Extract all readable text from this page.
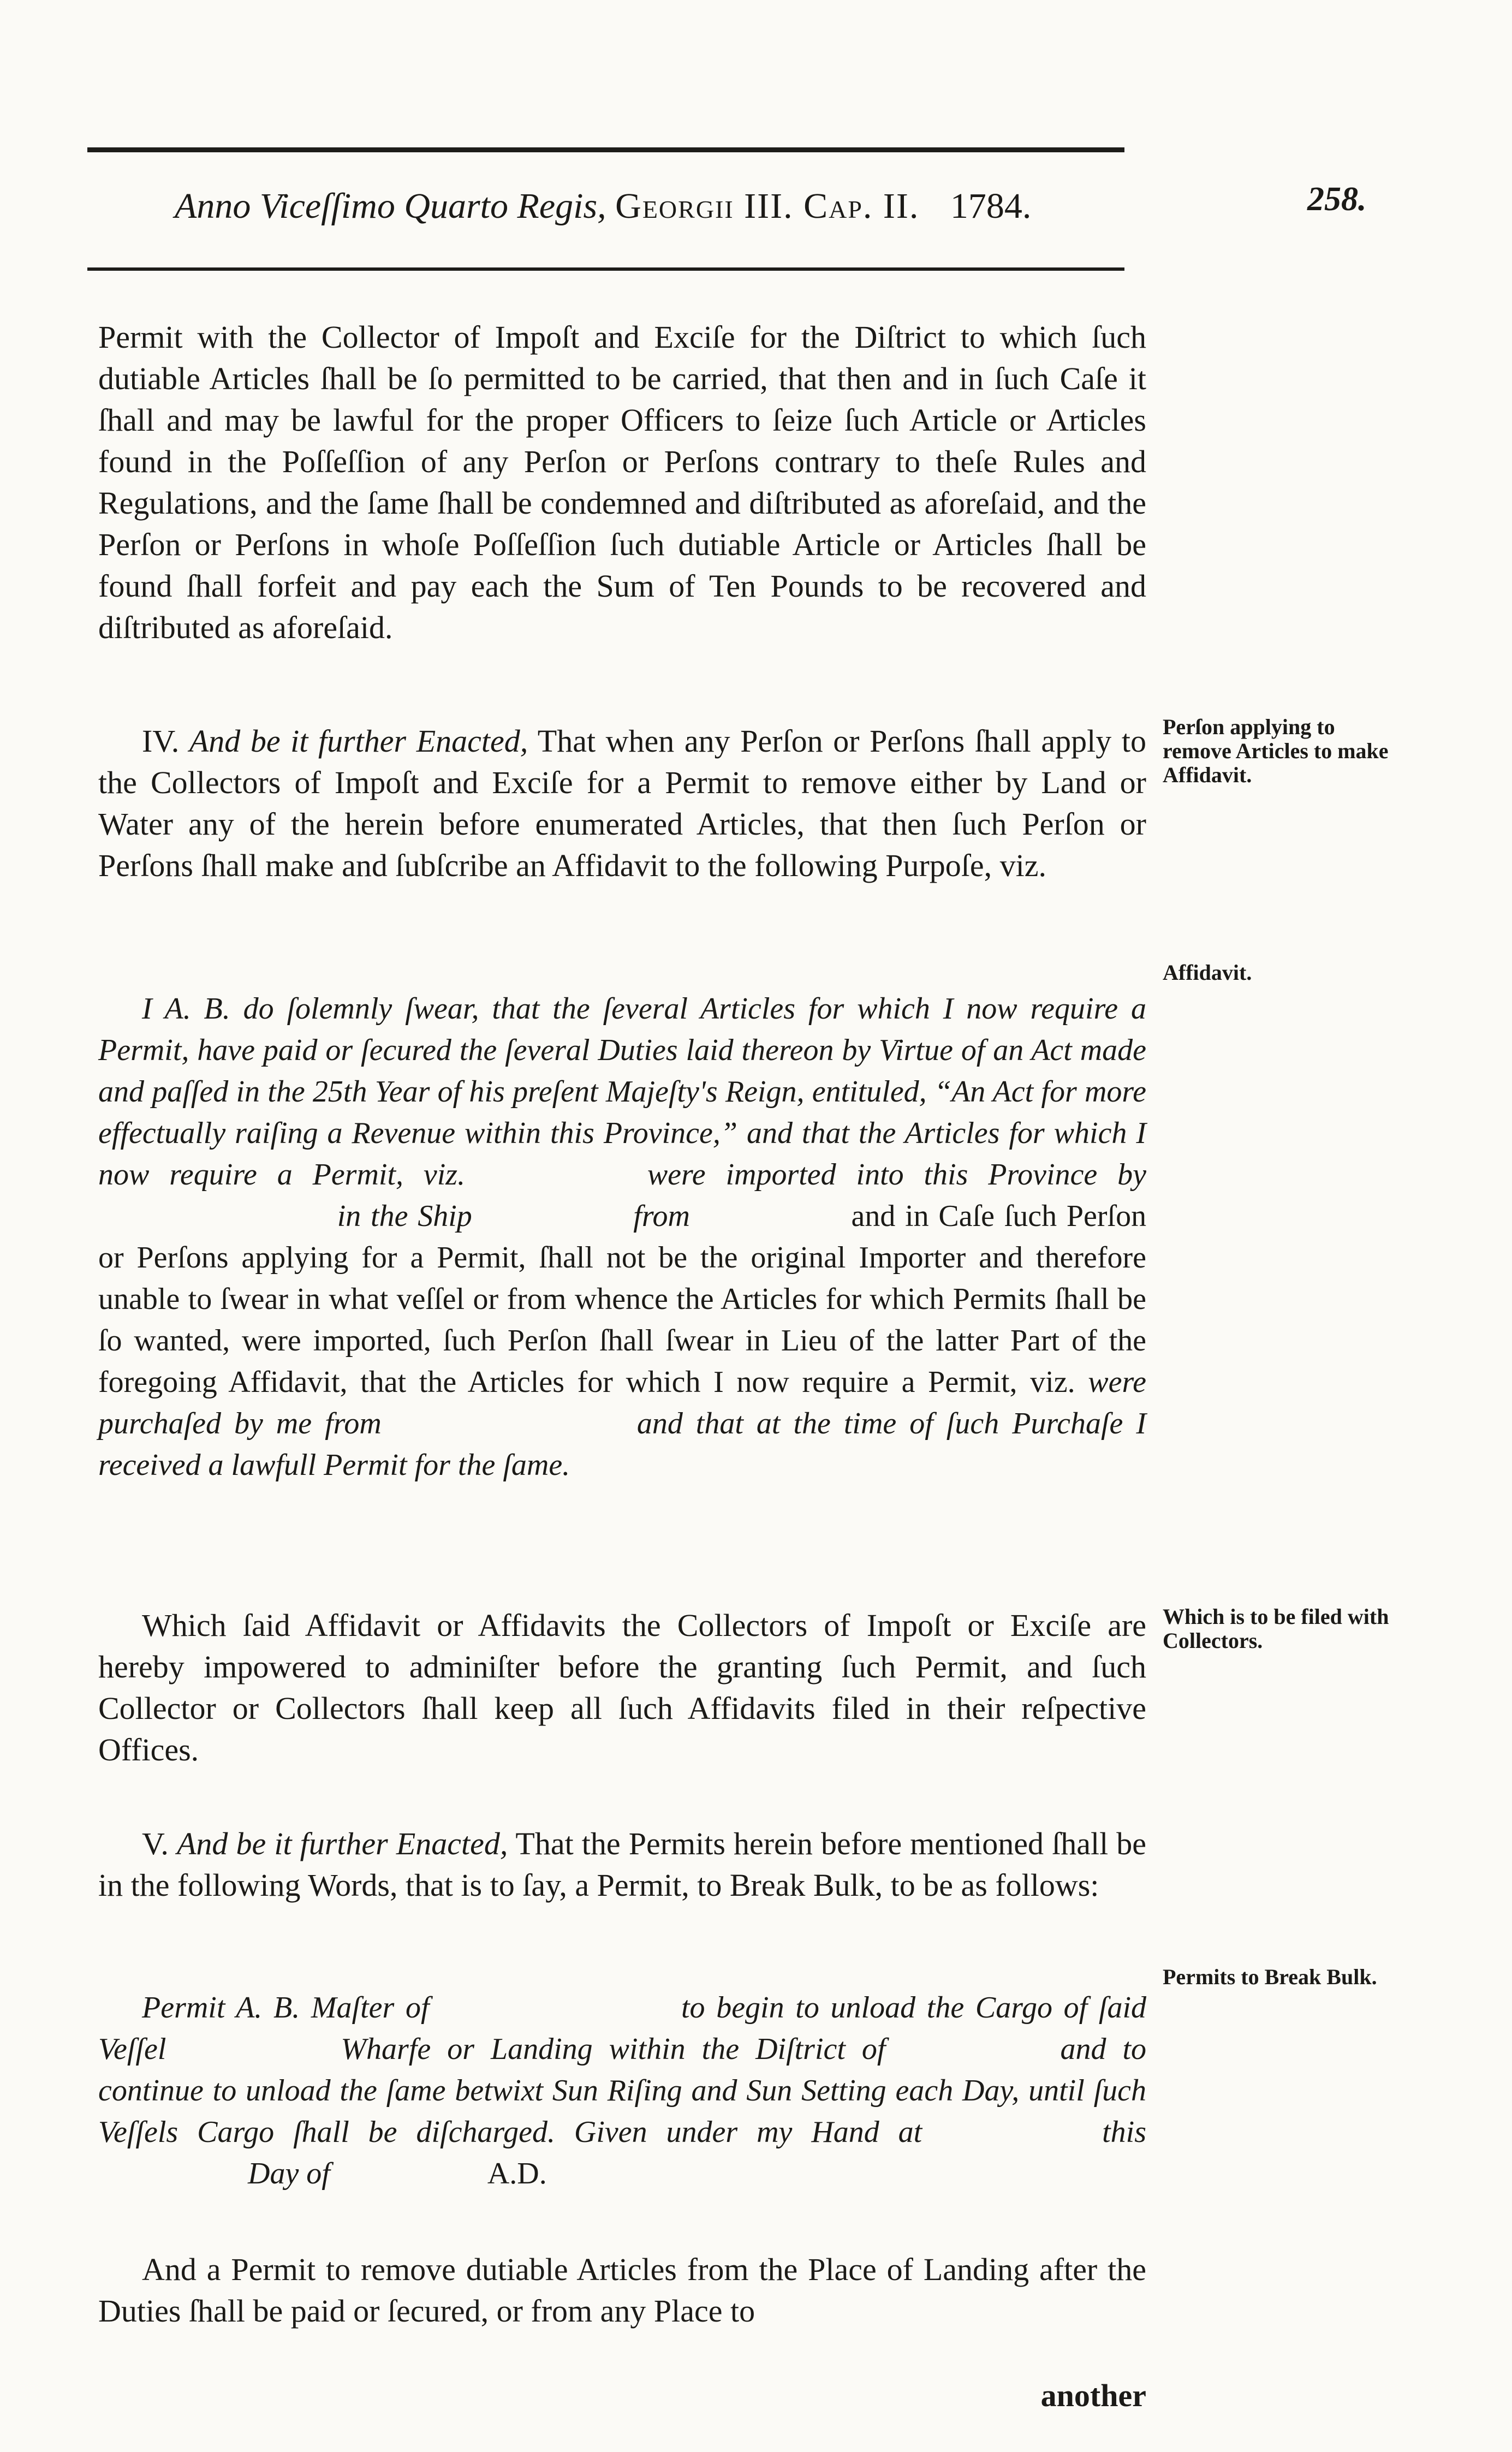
Anno Viceſſimo Quarto Regis, Georgii III. Cap. II. 1784.	258.

Permit with the Collector of Impoſt and Exciſe for the Diſtrict to which ſuch dutiable Articles ſhall be ſo permitted to be carried, that then and in ſuch Caſe it ſhall and may be lawful for the proper Officers to ſeize ſuch Article or Articles found in the Poſſeſſion of any Perſon or Perſons contrary to theſe Rules and Regulations, and the ſame ſhall be condemned and diſtributed as aforeſaid, and the Perſon or Perſons in whoſe Poſſeſſion ſuch dutiable Article or Articles ſhall be found ſhall forfeit and pay each the Sum of Ten Pounds to be recovered and diſtributed as aforeſaid.

IV. And be it further Enacted, That when any Perſon or Perſons ſhall apply to the Collectors of Impoſt and Exciſe for a Permit to remove either by Land or Water any of the herein before enumerated Articles, that then ſuch Perſon or Perſons ſhall make and ſubſcribe an Affidavit to the following Purpoſe, viz.

I A. B. do ſolemnly ſwear, that the ſeveral Articles for which I now require a Permit, have paid or ſecured the ſeveral Duties laid thereon by Virtue of an Act made and paſſed in the 25th Year of his preſent Majeſty's Reign, entituled, “An Act for more effectually raiſing a Revenue within this Province,” and that the Articles for which I now require a Permit, viz.	were imported into this Province by  in the Ship	from	and in Caſe ſuch Perſon or Perſons applying for a Permit, ſhall not be the original Importer and therefore unable to ſwear in what veſſel or from whence the Articles for which Permits ſhall be ſo wanted, were imported, ſuch Perſon ſhall ſwear in Lieu of the latter Part of the foregoing Affidavit, that the Articles for which I now require a Permit, viz. were purchaſed by me from	and that at the time of ſuch Purchaſe I received a lawfull Permit for the ſame.

Which ſaid Affidavit or Affidavits the Collectors of Impoſt or Exciſe are hereby impowered to adminiſter before the granting ſuch Permit, and ſuch Collector or Collectors ſhall keep all ſuch Affidavits filed in their reſpective Offices.

V. And be it further Enacted, That the Permits herein before mentioned ſhall be in the following Words, that is to ſay, a Permit, to Break Bulk, to be as follows:

Permit A. B. Maſter of	to begin to unload the Cargo of ſaid Veſſel	Wharfe or Landing within the Diſtrict of	and to continue to unload the ſame betwixt Sun Riſing and Sun Setting each Day, until ſuch Veſſels Cargo ſhall be diſcharged. Given under my Hand at	this  Day of	A.D.

And a Permit to remove dutiable Articles from the Place of Landing after the Duties ſhall be paid or ſecured, or from any Place to

another
Perſon applying to remove Articles to make Affidavit.
Affidavit.
Which is to be filed with Collectors.
Permits to Break Bulk.
